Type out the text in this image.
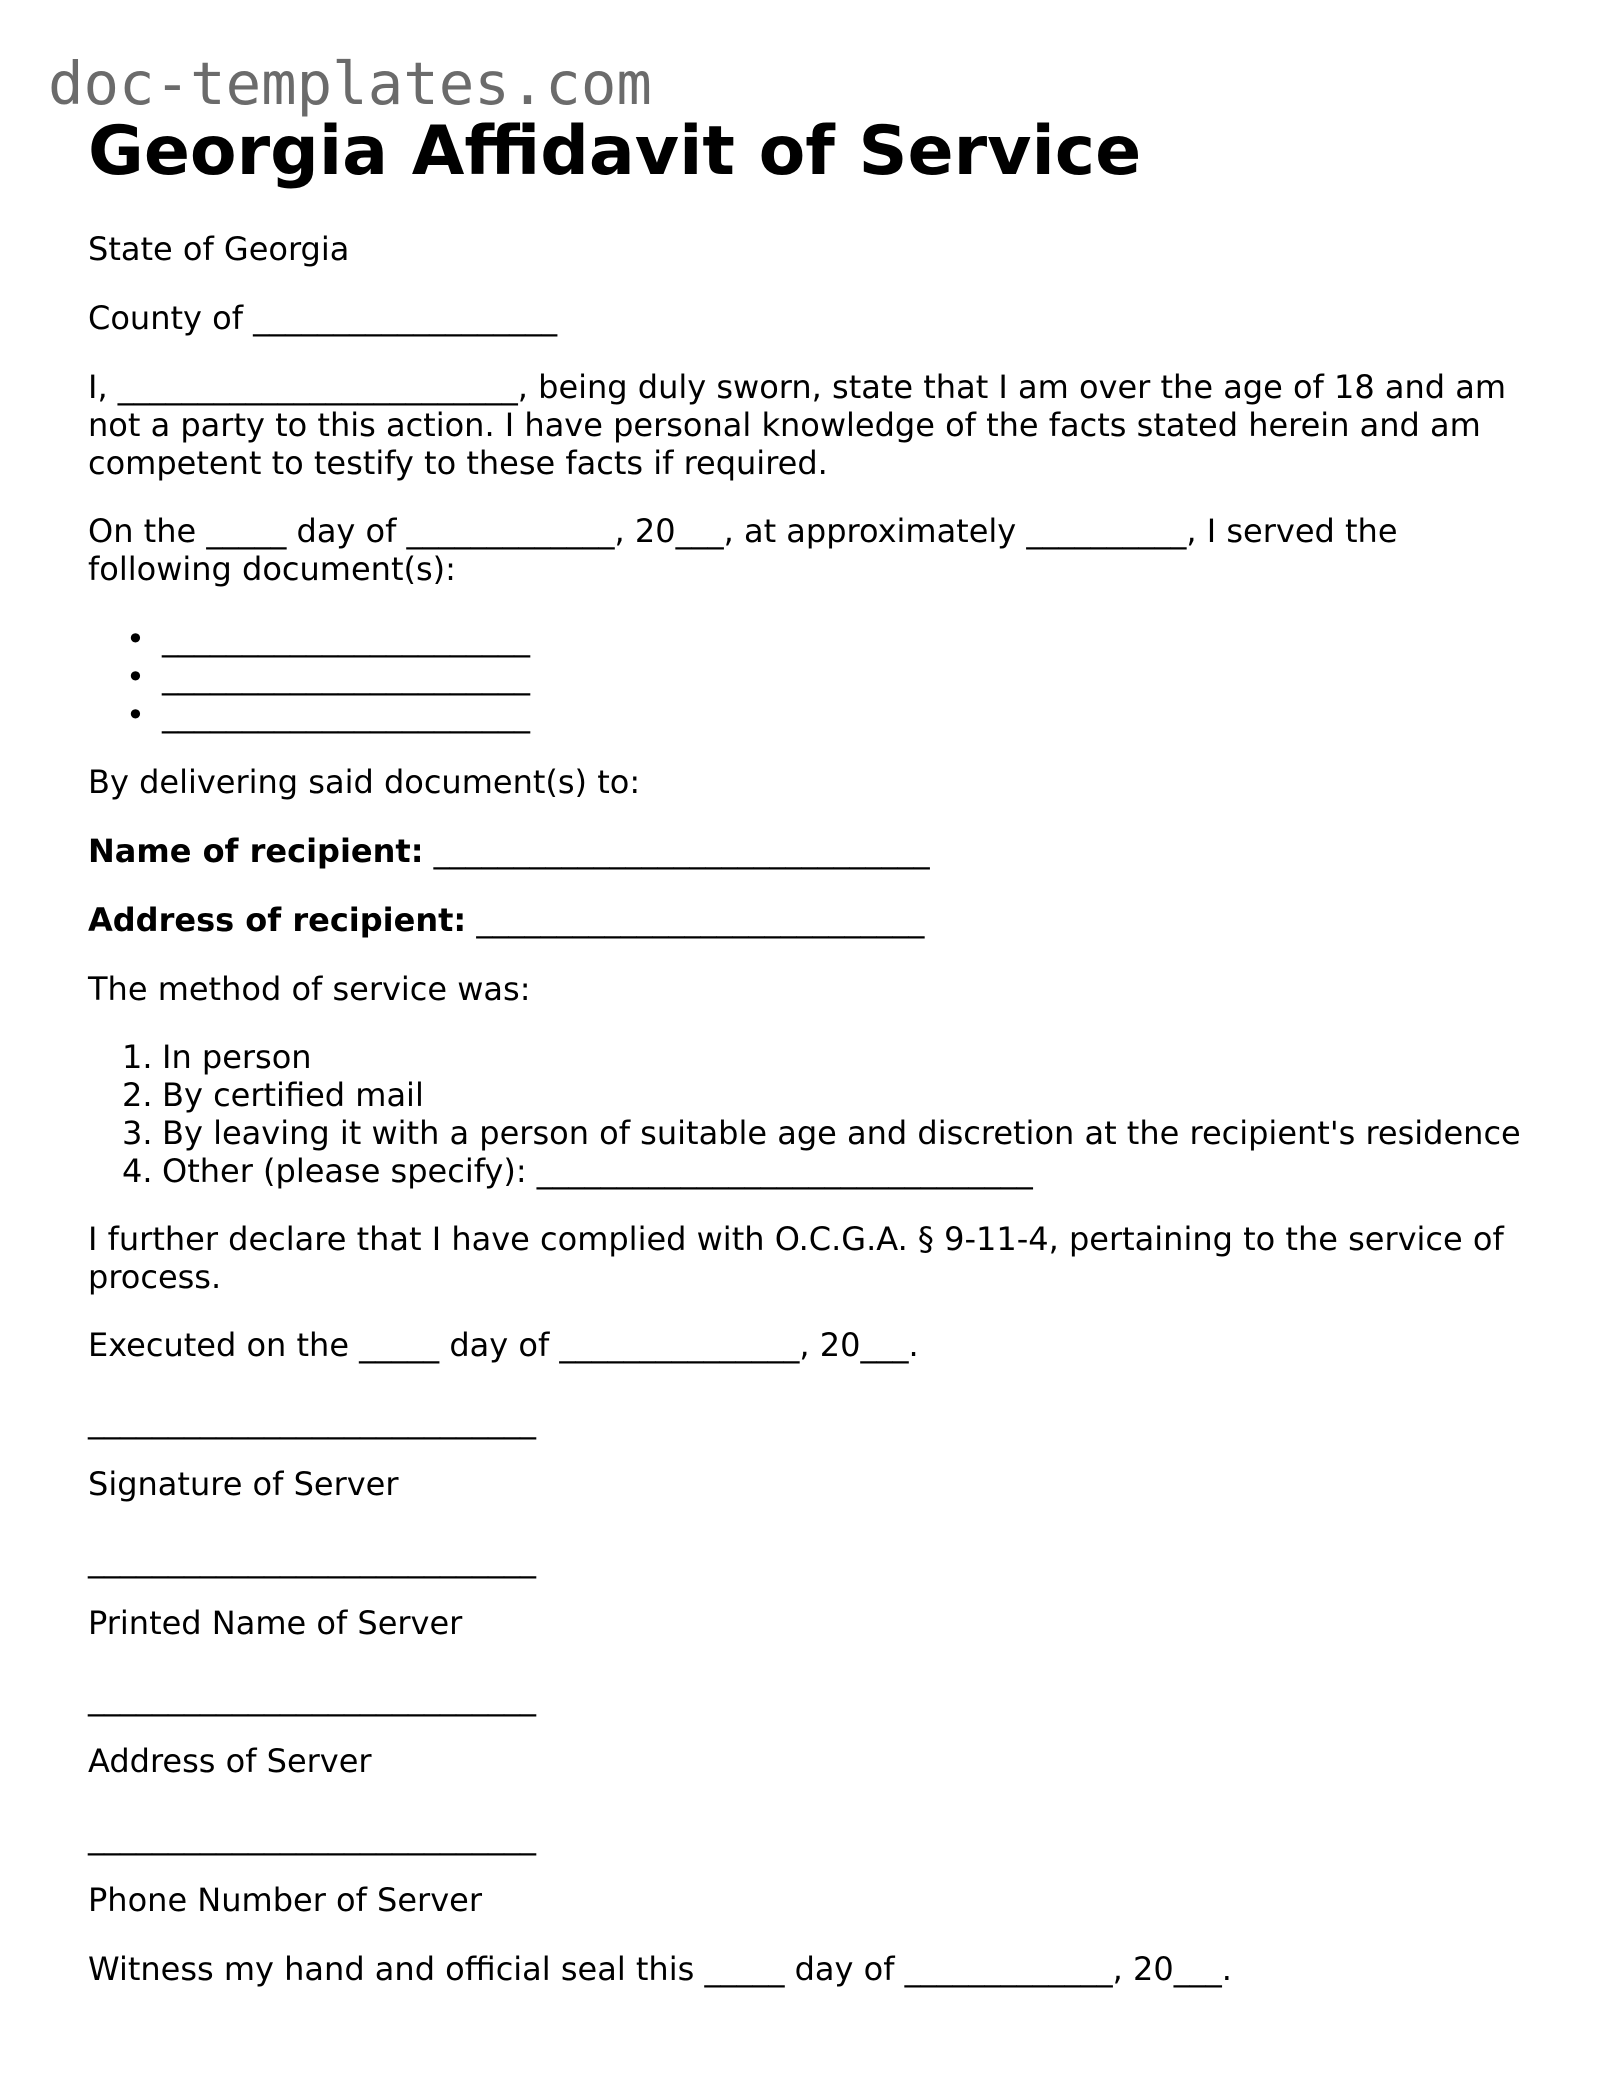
doc-templates.com
Georgia Affidavit of Service

State of Georgia

County of ___________________

I, _________________________, being duly sworn, state that I am over the age of 18 and am not a party to this action. I have personal knowledge of the facts stated herein and am competent to testify to these facts if required.

On the _____ day of _____________, 20___, at approximately __________, I served the following document(s):

• _______________________
• _______________________
• _______________________

By delivering said document(s) to:

Name of recipient: _______________________________

Address of recipient: ____________________________

The method of service was:

1. In person
2. By certified mail
3. By leaving it with a person of suitable age and discretion at the recipient's residence
4. Other (please specify): _______________________________

I further declare that I have complied with O.C.G.A. § 9-11-4, pertaining to the service of process.

Executed on the _____ day of _______________, 20___.

____________________________

Signature of Server

____________________________

Printed Name of Server

____________________________

Address of Server

____________________________

Phone Number of Server

Witness my hand and official seal this _____ day of _____________, 20___.
